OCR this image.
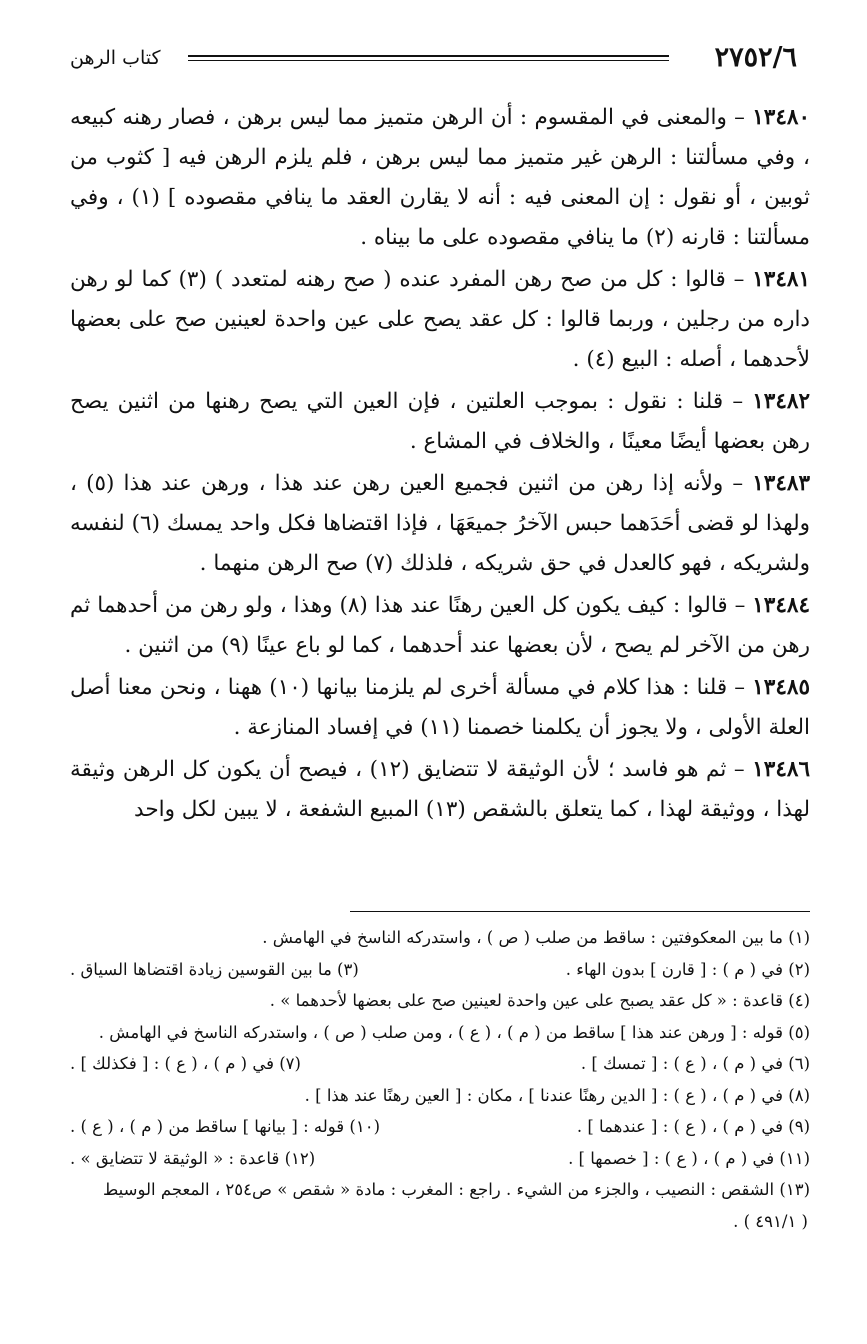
٢٧٥٢/٦
كتاب الرهن

١٣٤٨٠ – والمعنى في المقسوم : أن الرهن متميز مما ليس برهن ، فصار رهنه كبيعه ، وفي مسألتنا : الرهن غير متميز مما ليس برهن ، فلم يلزم الرهن فيه [ كثوب من ثوبين ، أو نقول : إن المعنى فيه : أنه لا يقارن العقد ما ينافي مقصوده ] (١) ، وفي مسألتنا : قارنه (٢) ما ينافي مقصوده على ما بيناه .

١٣٤٨١ – قالوا : كل من صح رهن المفرد عنده ( صح رهنه لمتعدد ) (٣) كما لو رهن داره من رجلين ، وربما قالوا : كل عقد يصح على عين واحدة لعينين صح على بعضها لأحدهما ، أصله : البيع (٤) .

١٣٤٨٢ – قلنا : نقول : بموجب العلتين ، فإن العين التي يصح رهنها من اثنين يصح رهن بعضها أيضًا معينًا ، والخلاف في المشاع .

١٣٤٨٣ – ولأنه إذا رهن من اثنين فجميع العين رهن عند هذا ، ورهن عند هذا (٥) ، ولهذا لو قضى أحَدَهما حبس الآخرُ جميعَهَا ، فإذا اقتضاها فكل واحد يمسك (٦) لنفسه ولشريكه ، فهو كالعدل في حق شريكه ، فلذلك (٧) صح الرهن منهما .

١٣٤٨٤ – قالوا : كيف يكون كل العين رهنًا عند هذا (٨) وهذا ، ولو رهن من أحدهما ثم رهن من الآخر لم يصح ، لأن بعضها عند أحدهما ، كما لو باع عينًا (٩) من اثنين .

١٣٤٨٥ – قلنا : هذا كلام في مسألة أخرى لم يلزمنا بيانها (١٠) ههنا ، ونحن معنا أصل العلة الأولى ، ولا يجوز أن يكلمنا خصمنا (١١) في إفساد المنازعة .

١٣٤٨٦ – ثم هو فاسد ؛ لأن الوثيقة لا تتضايق (١٢) ، فيصح أن يكون كل الرهن وثيقة لهذا ، ووثيقة لهذا ، كما يتعلق بالشقص (١٣) المبيع الشفعة ، لا يبين لكل واحد

(١) ما بين المعكوفتين : ساقط من صلب ( ص ) ، واستدركه الناسخ في الهامش .
(٢) في ( م ) : [ قارن ] بدون الهاء .
(٣) ما بين القوسين زيادة اقتضاها السياق .
(٤) قاعدة : « كل عقد يصبح على عين واحدة لعينين صح على بعضها لأحدهما » .
(٥) قوله : [ ورهن عند هذا ] ساقط من ( م ) ، ( ع ) ، ومن صلب ( ص ) ، واستدركه الناسخ في الهامش .
(٦) في ( م ) ، ( ع ) : [ تمسك ] .
(٧) في ( م ) ، ( ع ) : [ فكذلك ] .
(٨) في ( م ) ، ( ع ) : [ الدين رهنًا عندنا ] ، مكان : [ العين رهنًا عند هذا ] .
(٩) في ( م ) ، ( ع ) : [ عندهما ] .
(١٠) قوله : [ بيانها ] ساقط من ( م ) ، ( ع ) .
(١١) في ( م ) ، ( ع ) : [ خصمها ] .
(١٢) قاعدة : « الوثيقة لا تتضايق » .
(١٣) الشقص : النصيب ، والجزء من الشيء . راجع : المغرب : مادة « شقص » ص٢٥٤ ، المعجم الوسيط
( ٤٩١/١ ) .
